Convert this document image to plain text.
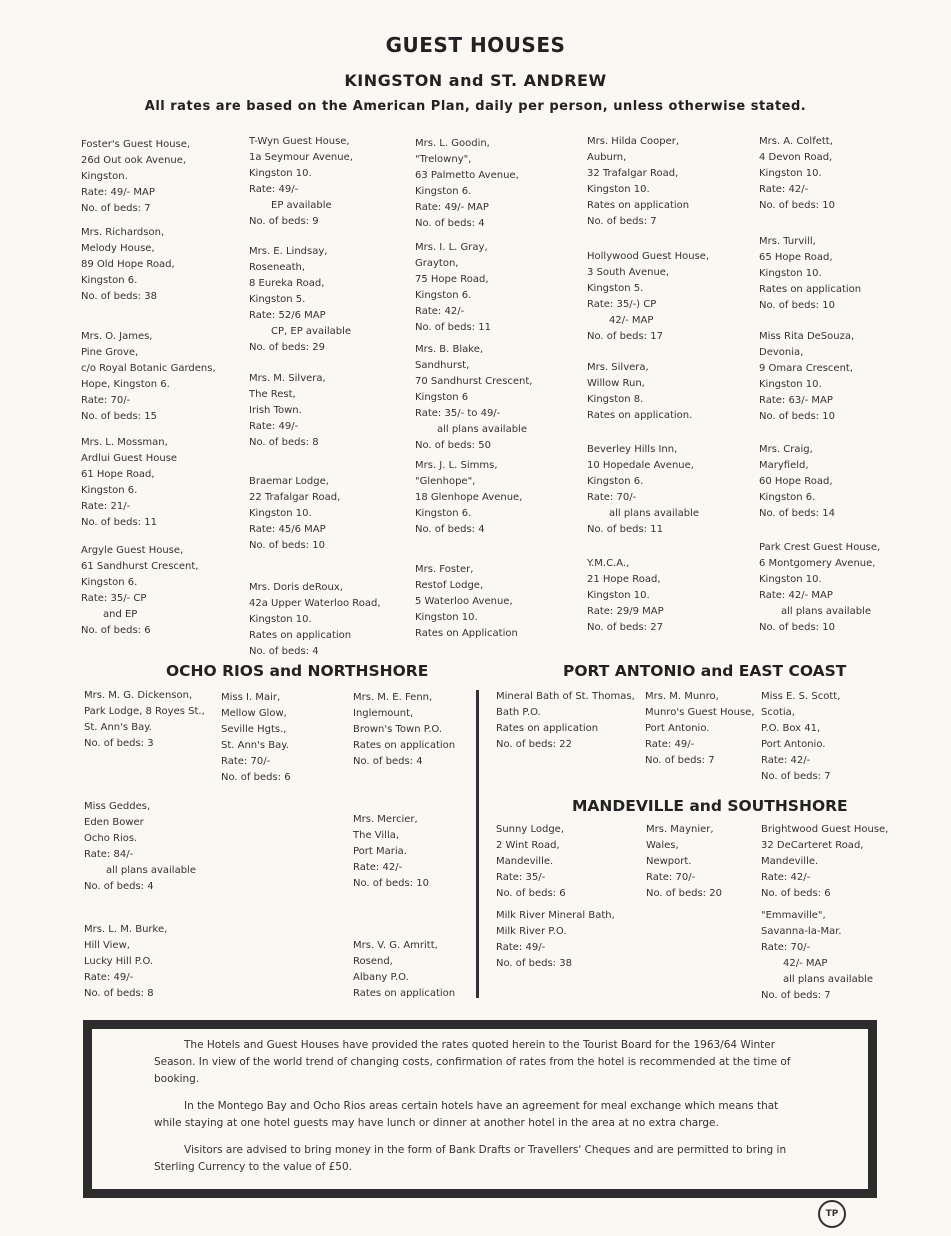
GUEST HOUSES
KINGSTON and ST. ANDREW
All rates are based on the American Plan, daily per person, unless otherwise stated.
Foster's Guest House,
26d Out ook Avenue,
Kingston.
Rate: 49/- MAP
No. of beds: 7
Mrs. Richardson,
Melody House,
89 Old Hope Road,
Kingston 6.
No. of beds: 38
Mrs. O. James,
Pine Grove,
c/o Royal Botanic Gardens,
Hope, Kingston 6.
Rate: 70/-
No. of beds: 15
Mrs. L. Mossman,
Ardlui Guest House
61 Hope Road,
Kingston 6.
Rate: 21/-
No. of beds: 11
Argyle Guest House,
61 Sandhurst Crescent,
Kingston 6.
Rate: 35/- CP
and EP
No. of beds: 6
T-Wyn Guest House,
1a Seymour Avenue,
Kingston 10.
Rate: 49/-
EP available
No. of beds: 9
Mrs. E. Lindsay,
Roseneath,
8 Eureka Road,
Kingston 5.
Rate: 52/6 MAP
CP, EP available
No. of beds: 29
Mrs. M. Silvera,
The Rest,
Irish Town.
Rate: 49/-
No. of beds: 8
Braemar Lodge,
22 Trafalgar Road,
Kingston 10.
Rate: 45/6 MAP
No. of beds: 10
Mrs. Doris deRoux,
42a Upper Waterloo Road,
Kingston 10.
Rates on application
No. of beds: 4
Mrs. L. Goodin,
"Trelowny",
63 Palmetto Avenue,
Kingston 6.
Rate: 49/- MAP
No. of beds: 4
Mrs. I. L. Gray,
Grayton,
75 Hope Road,
Kingston 6.
Rate: 42/-
No. of beds: 11
Mrs. B. Blake,
Sandhurst,
70 Sandhurst Crescent,
Kingston 6
Rate: 35/- to 49/-
all plans available
No. of beds: 50
Mrs. J. L. Simms,
"Glenhope",
18 Glenhope Avenue,
Kingston 6.
No. of beds: 4
Mrs. Foster,
Restof Lodge,
5 Waterloo Avenue,
Kingston 10.
Rates on Application
Mrs. Hilda Cooper,
Auburn,
32 Trafalgar Road,
Kingston 10.
Rates on application
No. of beds: 7
Hollywood Guest House,
3 South Avenue,
Kingston 5.
Rate: 35/-) CP
42/- MAP
No. of beds: 17
Mrs. Silvera,
Willow Run,
Kingston 8.
Rates on application.
Beverley Hills Inn,
10 Hopedale Avenue,
Kingston 6.
Rate: 70/-
all plans available
No. of beds: 11
Y.M.C.A.,
21 Hope Road,
Kingston 10.
Rate: 29/9 MAP
No. of beds: 27
Mrs. A. Colfett,
4 Devon Road,
Kingston 10.
Rate: 42/-
No. of beds: 10
Mrs. Turvill,
65 Hope Road,
Kingston 10.
Rates on application
No. of beds: 10
Miss Rita DeSouza,
Devonia,
9 Omara Crescent,
Kingston 10.
Rate: 63/- MAP
No. of beds: 10
Mrs. Craig,
Maryfield,
60 Hope Road,
Kingston 6.
No. of beds: 14
Park Crest Guest House,
6 Montgomery Avenue,
Kingston 10.
Rate: 42/- MAP
all plans available
No. of beds: 10
OCHO RIOS and NORTHSHORE
Mrs. M. G. Dickenson,
Park Lodge, 8 Royes St.,
St. Ann's Bay.
No. of beds: 3
Miss Geddes,
Eden Bower
Ocho Rios.
Rate: 84/-
all plans available
No. of beds: 4
Mrs. L. M. Burke,
Hill View,
Lucky Hill P.O.
Rate: 49/-
No. of beds: 8
Miss I. Mair,
Mellow Glow,
Seville Hgts.,
St. Ann's Bay.
Rate: 70/-
No. of beds: 6
Mrs. M. E. Fenn,
Inglemount,
Brown's Town P.O.
Rates on application
No. of beds: 4
Mrs. Mercier,
The Villa,
Port Maria.
Rate: 42/-
No. of beds: 10
Mrs. V. G. Amritt,
Rosend,
Albany P.O.
Rates on application
PORT ANTONIO and EAST COAST
Mineral Bath of St. Thomas,
Bath P.O.
Rates on application
No. of beds: 22
Mrs. M. Munro,
Munro's Guest House,
Port Antonio.
Rate: 49/-
No. of beds: 7
Miss E. S. Scott,
Scotia,
P.O. Box 41,
Port Antonio.
Rate: 42/-
No. of beds: 7
MANDEVILLE and SOUTHSHORE
Sunny Lodge,
2 Wint Road,
Mandeville.
Rate: 35/-
No. of beds: 6
Milk River Mineral Bath,
Milk River P.O.
Rate: 49/-
No. of beds: 38
Mrs. Maynier,
Wales,
Newport.
Rate: 70/-
No. of beds: 20
Brightwood Guest House,
32 DeCarteret Road,
Mandeville.
Rate: 42/-
No. of beds: 6
"Emmaville",
Savanna-la-Mar.
Rate: 70/-
42/- MAP
all plans available
No. of beds: 7

The Hotels and Guest Houses have provided the rates quoted herein to the Tourist Board for the 1963/64 Winter Season. In view of the world trend of changing costs, confirmation of rates from the hotel is recommended at the time of booking.

In the Montego Bay and Ocho Rios areas certain hotels have an agreement for meal exchange which means that while staying at one hotel guests may have lunch or dinner at another hotel in the area at no extra charge.

Visitors are advised to bring money in the form of Bank Drafts or Travellers' Cheques and are permitted to bring in Sterling Currency to the value of £50.

TP
